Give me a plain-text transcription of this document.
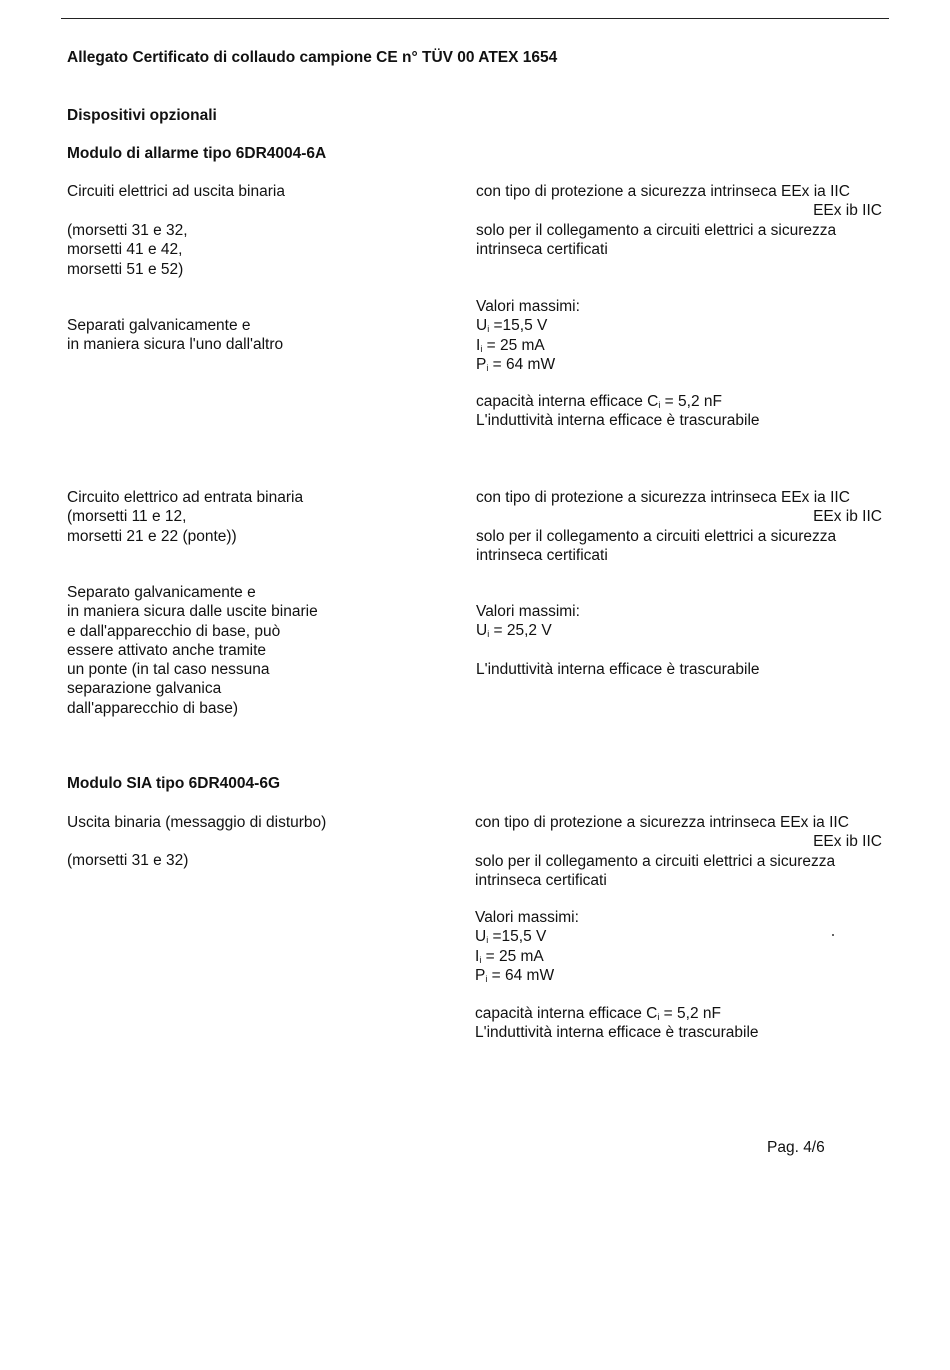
Allegato Certificato di collaudo campione CE n° TÜV 00 ATEX 1654
Dispositivi opzionali
Modulo di allarme tipo 6DR4004-6A
Circuiti elettrici ad uscita binaria
(morsetti 31 e 32,
morsetti 41 e 42,
morsetti 51 e 52)
Separati galvanicamente e
in maniera sicura l'uno dall'altro
con tipo di protezione a sicurezza intrinseca EEx ia IIC
EEx ib IIC
solo per il collegamento a circuiti elettrici a sicurezza
intrinseca certificati
Valori massimi:
$U_i =15,5$ V
$I_i = 25$ mA
$P_i = 64$ mW
capacità interna efficace $C_i = 5,2$ nF
L'induttività interna efficace è trascurabile
Circuito elettrico ad entrata binaria
(morsetti 11 e 12,
morsetti 21 e 22 (ponte))
Separato galvanicamente e
in maniera sicura dalle uscite binarie
e dall'apparecchio di base, può
essere attivato anche tramite
un ponte (in tal caso nessuna
separazione galvanica
dall'apparecchio di base)
con tipo di protezione a sicurezza intrinseca EEx ia IIC
EEx ib IIC
solo per il collegamento a circuiti elettrici a sicurezza
intrinseca certificati
Valori massimi:
$U_i = 25,2$ V
L'induttività interna efficace è trascurabile
Modulo SIA tipo 6DR4004-6G
Uscita binaria (messaggio di disturbo)
(morsetti 31 e 32)
con tipo di protezione a sicurezza intrinseca EEx ia IIC
EEx ib IIC
solo per il collegamento a circuiti elettrici a sicurezza
intrinseca certificati
Valori massimi:
$U_i =15,5$ V
$I_i = 25$ mA
$P_i = 64$ mW
capacità interna efficace $C_i = 5,2$ nF
L'induttività interna efficace è trascurabile
Pag. 4/6
